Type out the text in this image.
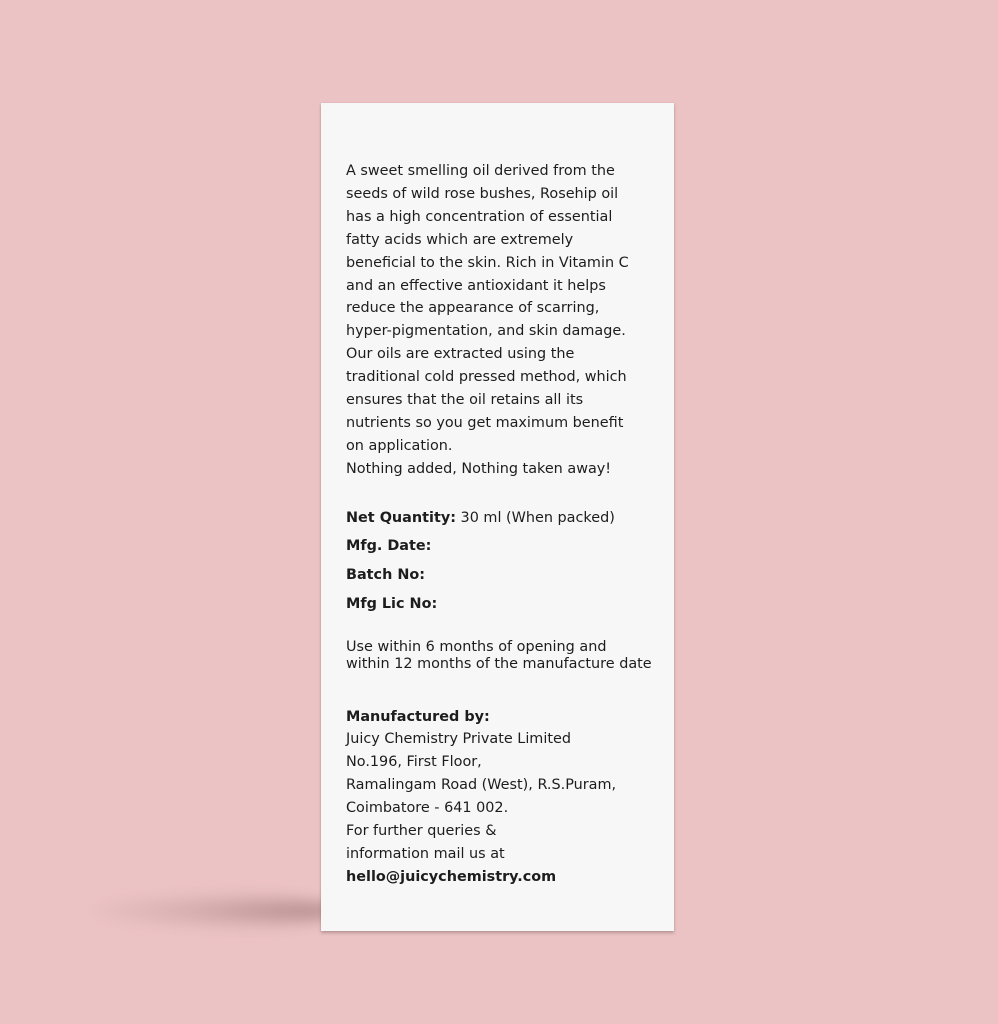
A sweet smelling oil derived from the
seeds of wild rose bushes, Rosehip oil
has a high concentration of essential
fatty acids which are extremely
beneficial to the skin. Rich in Vitamin C
and an effective antioxidant it helps
reduce the appearance of scarring,
hyper-pigmentation, and skin damage.
Our oils are extracted using the
traditional cold pressed method, which
ensures that the oil retains all its
nutrients so you get maximum benefit
on application.
Nothing added, Nothing taken away!
Net Quantity: 30 ml (When packed)
Mfg. Date:
Batch No:
Mfg Lic No:
Use within 6 months of opening and
within 12 months of the manufacture date
Manufactured by:
Juicy Chemistry Private Limited
No.196, First Floor,
Ramalingam Road (West), R.S.Puram,
Coimbatore - 641 002.
For further queries &
information mail us at
hello@juicychemistry.com
